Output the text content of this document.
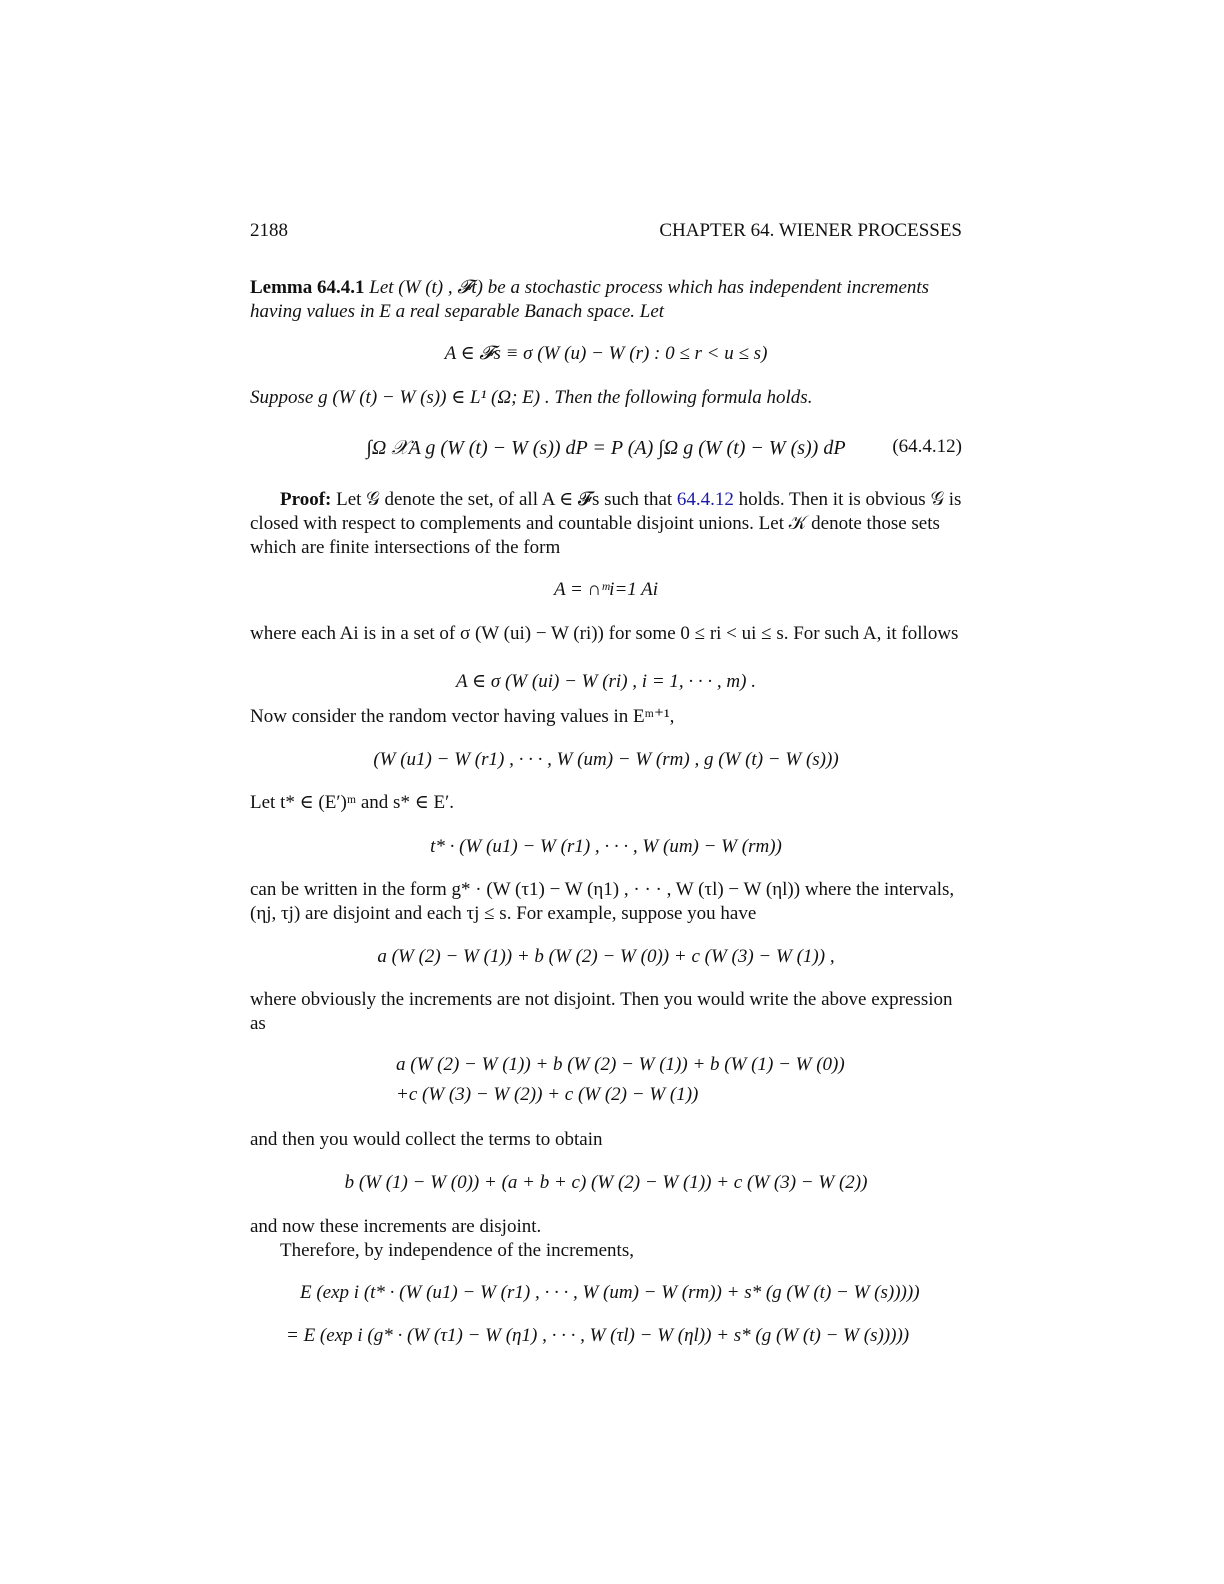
2188	CHAPTER 64. WIENER PROCESSES
Lemma 64.4.1 Let (W (t) , 𝓕t) be a stochastic process which has independent increments
having values in E a real separable Banach space. Let
A ∈ 𝓕s ≡ σ (W (u) − W (r) : 0 ≤ r < u ≤ s)
Suppose g (W (t) − W (s)) ∈ L¹ (Ω; E) . Then the following formula holds.
∫Ω 𝒳A g (W (t) − W (s)) dP = P (A) ∫Ω g (W (t) − W (s)) dP	(64.4.12)
Proof: Let 𝒢 denote the set, of all A ∈ 𝓕s such that 64.4.12 holds. Then it is obvious 𝒢 is closed with respect to complements and countable disjoint unions. Let 𝒦 denote those sets which are finite intersections of the form
A = ∩ᵐi=1 Ai
where each Ai is in a set of σ (W (ui) − W (ri)) for some 0 ≤ ri < ui ≤ s. For such A, it follows
A ∈ σ (W (ui) − W (ri) , i = 1, · · · , m) .
Now consider the random vector having values in Eᵐ⁺¹,
(W (u1) − W (r1) , · · · , W (um) − W (rm) , g (W (t) − W (s)))
Let t* ∈ (E′)ᵐ and s* ∈ E′.
t* · (W (u1) − W (r1) , · · · , W (um) − W (rm))
can be written in the form g* · (W (τ1) − W (η1) , · · · , W (τl) − W (ηl)) where the intervals,
(ηj, τj) are disjoint and each τj ≤ s. For example, suppose you have
a (W (2) − W (1)) + b (W (2) − W (0)) + c (W (3) − W (1)) ,
where obviously the increments are not disjoint. Then you would write the above expression as
a (W (2) − W (1)) + b (W (2) − W (1)) + b (W (1) − W (0))
+c (W (3) − W (2)) + c (W (2) − W (1))
and then you would collect the terms to obtain
b (W (1) − W (0)) + (a + b + c) (W (2) − W (1)) + c (W (3) − W (2))
and now these increments are disjoint.
Therefore, by independence of the increments,
E (exp i (t* · (W (u1) − W (r1) , · · · , W (um) − W (rm)) + s* (g (W (t) − W (s)))))
= E (exp i (g* · (W (τ1) − W (η1) , · · · , W (τl) − W (ηl)) + s* (g (W (t) − W (s)))))
